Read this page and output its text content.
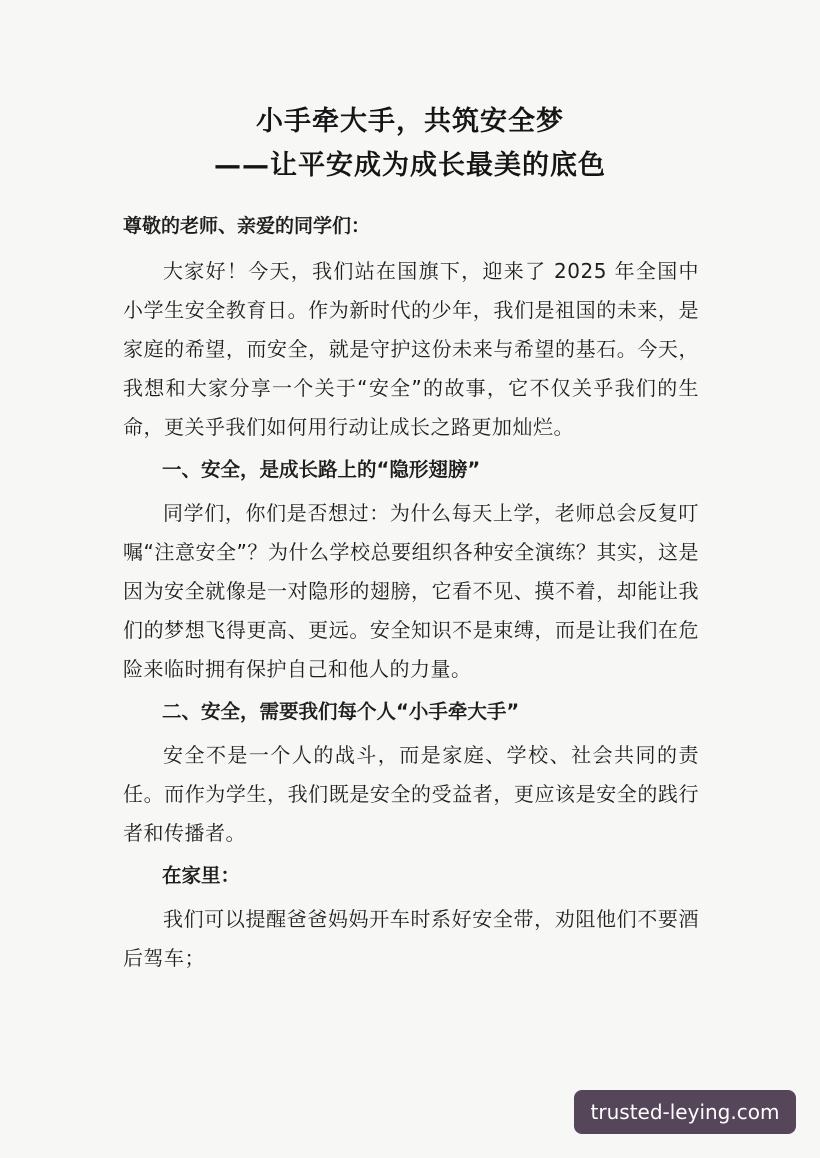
小手牵大手，共筑安全梦
——让平安成为成长最美的底色
尊敬的老师、亲爱的同学们：

大家好！今天，我们站在国旗下，迎来了 2025 年全国中小学生安全教育日。作为新时代的少年，我们是祖国的未来，是家庭的希望，而安全，就是守护这份未来与希望的基石。今天，我想和大家分享一个关于“安全”的故事，它不仅关乎我们的生命，更关乎我们如何用行动让成长之路更加灿烂。

一、安全，是成长路上的“隐形翅膀”

同学们，你们是否想过：为什么每天上学，老师总会反复叮嘱“注意安全”？为什么学校总要组织各种安全演练？其实，这是因为安全就像是一对隐形的翅膀，它看不见、摸不着，却能让我们的梦想飞得更高、更远。安全知识不是束缚，而是让我们在危险来临时拥有保护自己和他人的力量。

二、安全，需要我们每个人“小手牵大手”

安全不是一个人的战斗，而是家庭、学校、社会共同的责任。而作为学生，我们既是安全的受益者，更应该是安全的践行者和传播者。

在家里：

我们可以提醒爸爸妈妈开车时系好安全带，劝阻他们不要酒后驾车；

trusted-leying.com
